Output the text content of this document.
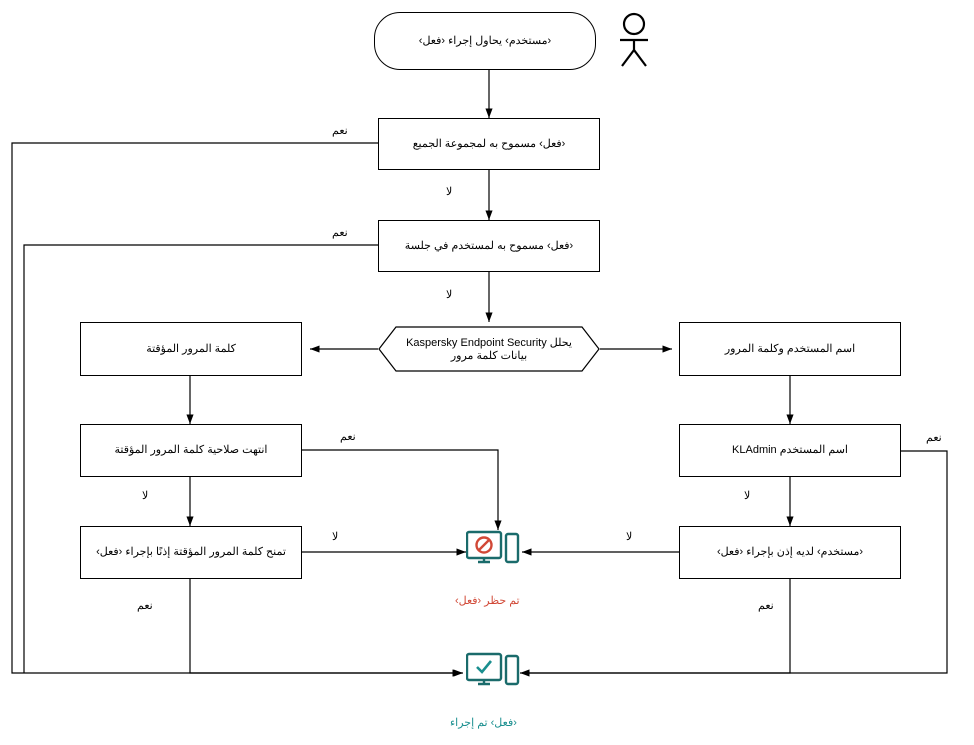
‹مستخدم› يحاول إجراء ‹فعل›
‹فعل› مسموح به لمجموعة الجميع
‹فعل› مسموح به لمستخدم في جلسة
يحلل Kaspersky Endpoint Security بيانات كلمة مرور
كلمة المرور المؤقتة	اسم المستخدم وكلمة المرور
انتهت صلاحية كلمة المرور المؤقتة	اسم المستخدم KLAdmin
تمنح كلمة المرور المؤقتة إذنًا بإجراء ‹فعل›	‹مستخدم› لديه إذن بإجراء ‹فعل›
تم حظر ‹فعل›
‹فعل› تم إجراء
نعم
لا
نعم
لا
نعم
لا
نعم
لا
لا
نعم
لا
نعم
